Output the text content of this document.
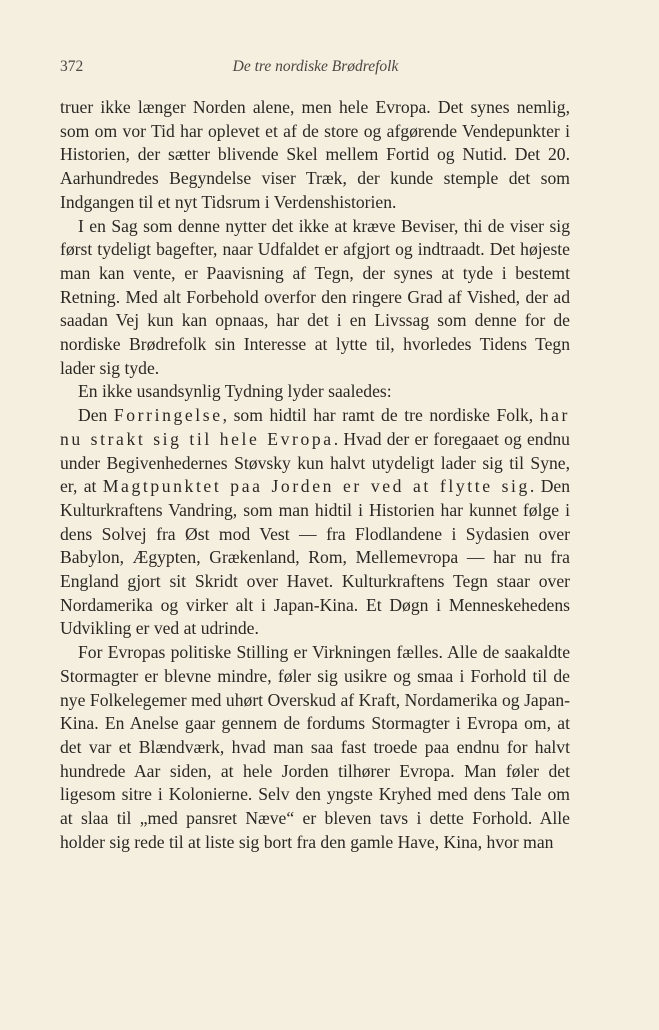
372	De tre nordiske Brødrefolk

truer ikke længer Norden alene, men hele Evropa. Det synes nemlig, som om vor Tid har oplevet et af de store og afgørende Vendepunkter i Historien, der sætter blivende Skel mellem Fortid og Nutid. Det 20. Aarhundredes Begyndelse viser Træk, der kunde stemple det som Indgangen til et nyt Tidsrum i Verdenshistorien.

I en Sag som denne nytter det ikke at kræve Beviser, thi de viser sig først tydeligt bagefter, naar Udfaldet er afgjort og indtraadt. Det højeste man kan vente, er Paavisning af Tegn, der synes at tyde i bestemt Retning. Med alt Forbehold overfor den ringere Grad af Vished, der ad saadan Vej kun kan opnaas, har det i en Livssag som denne for de nordiske Brødrefolk sin Interesse at lytte til, hvorledes Tidens Tegn lader sig tyde.

En ikke usandsynlig Tydning lyder saaledes:

Den Forringelse, som hidtil har ramt de tre nordiske Folk, har nu strakt sig til hele Evropa. Hvad der er foregaaet og endnu under Begivenhedernes Støvsky kun halvt utydeligt lader sig til Syne, er, at Magtpunktet paa Jorden er ved at flytte sig. Den Kulturkraftens Vandring, som man hidtil i Historien har kunnet følge i dens Solvej fra Øst mod Vest — fra Flodlandene i Sydasien over Babylon, Ægypten, Grækenland, Rom, Mellemevropa — har nu fra England gjort sit Skridt over Havet. Kulturkraftens Tegn staar over Nordamerika og virker alt i Japan-Kina. Et Døgn i Menneskehedens Udvikling er ved at udrinde.

For Evropas politiske Stilling er Virkningen fælles. Alle de saakaldte Stormagter er blevne mindre, føler sig usikre og smaa i Forhold til de nye Folkelegemer med uhørt Overskud af Kraft, Nordamerika og Japan-Kina. En Anelse gaar gennem de fordums Stormagter i Evropa om, at det var et Blændværk, hvad man saa fast troede paa endnu for halvt hundrede Aar siden, at hele Jorden tilhører Evropa. Man føler det ligesom sitre i Kolonierne. Selv den yngste Kryhed med dens Tale om at slaa til „med pansret Næve“ er bleven tavs i dette Forhold. Alle holder sig rede til at liste sig bort fra den gamle Have, Kina, hvor man
